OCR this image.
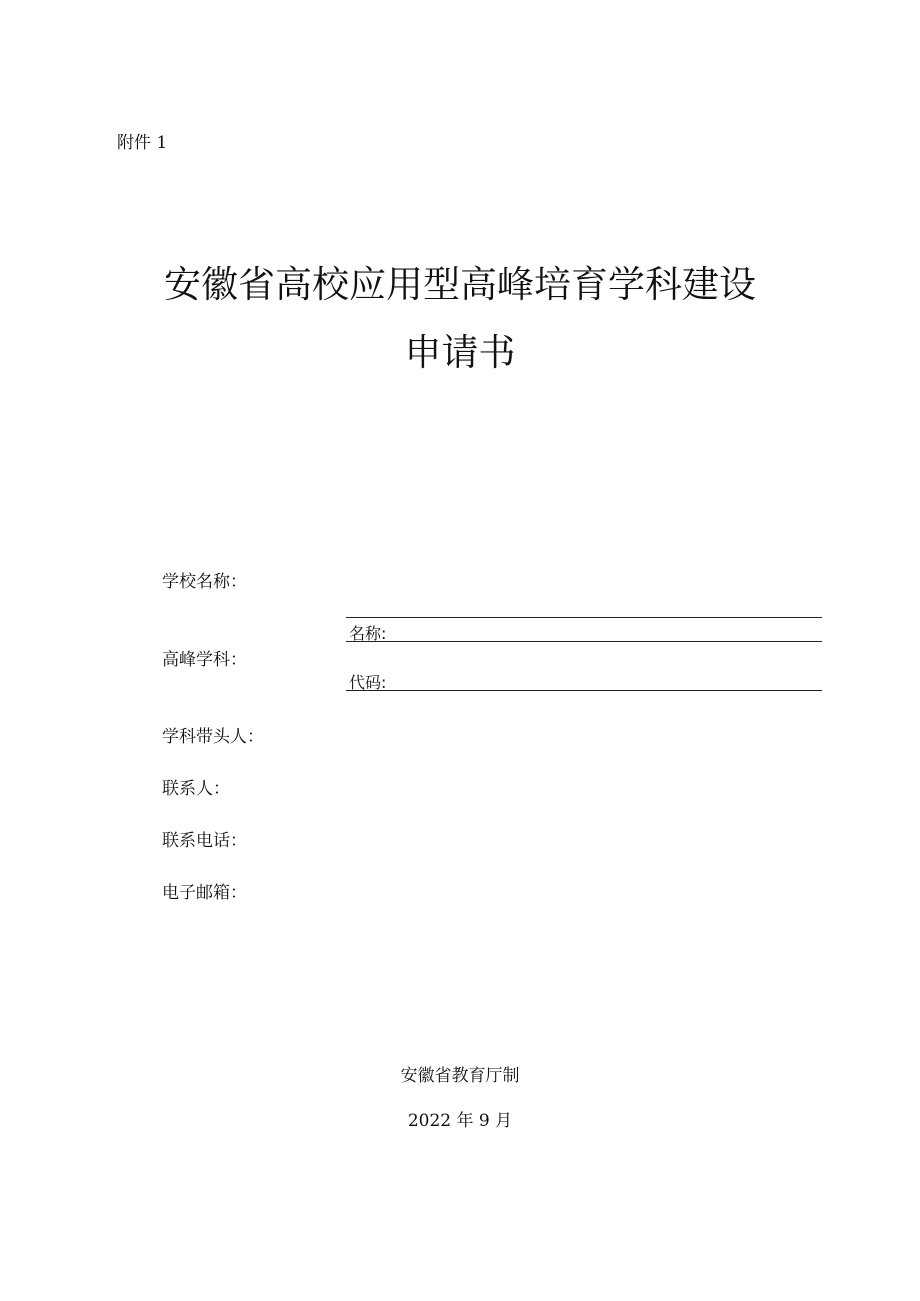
附件 1
安徽省高校应用型高峰培育学科建设
申请书
学校名称：
名称:
高峰学科：
代码:
学科带头人：
联系人：
联系电话：
电子邮箱：
安徽省教育厅制
2022 年 9 月
